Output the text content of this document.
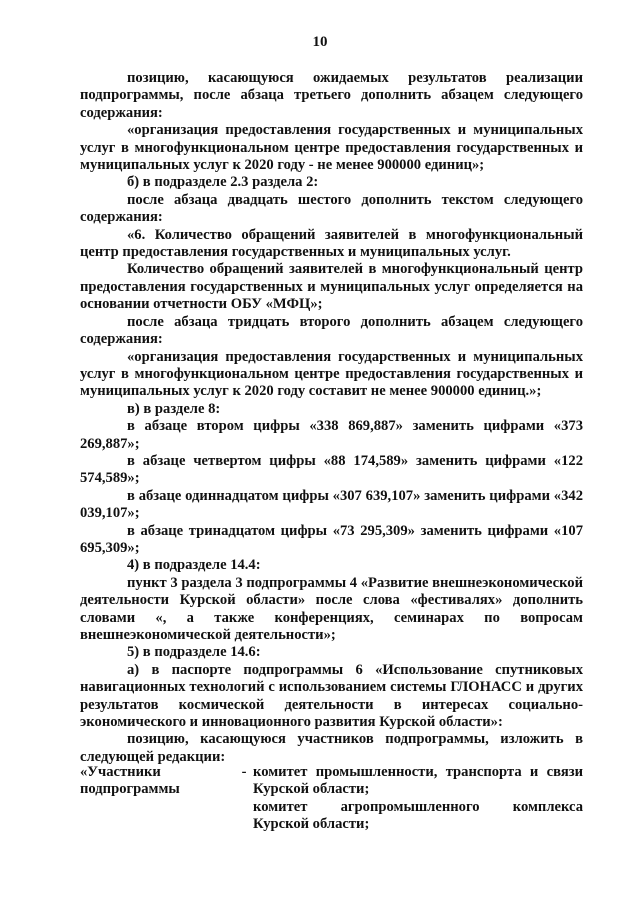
10

позицию, касающуюся ожидаемых результатов реализации подпрограммы, после абзаца третьего дополнить абзацем следующего содержания:

«организация предоставления государственных и муниципальных услуг в многофункциональном центре предоставления государственных и муниципальных услуг к 2020 году - не менее 900000 единиц»;

б) в подразделе 2.3 раздела 2:

после абзаца двадцать шестого дополнить текстом следующего содержания:

«6. Количество обращений заявителей в многофункциональный центр предоставления государственных и муниципальных услуг.

Количество обращений заявителей в многофункциональный центр предоставления государственных и муниципальных услуг определяется на основании отчетности ОБУ «МФЦ»;

после абзаца тридцать второго дополнить абзацем следующего содержания:

«организация предоставления государственных и муниципальных услуг в многофункциональном центре предоставления государственных и муниципальных услуг к 2020 году составит не менее 900000 единиц.»;

в) в разделе 8:

в абзаце втором цифры «338 869,887» заменить цифрами «373 269,887»;

в абзаце четвертом цифры «88 174,589» заменить цифрами «122 574,589»;

в абзаце одиннадцатом цифры «307 639,107» заменить цифрами «342 039,107»;

в абзаце тринадцатом цифры «73 295,309» заменить цифрами «107 695,309»;

4) в подразделе 14.4:

пункт 3 раздела 3 подпрограммы 4 «Развитие внешнеэкономической деятельности Курской области» после слова «фестивалях» дополнить словами «, а также конференциях, семинарах по вопросам внешнеэкономической деятельности»;

5) в подразделе 14.6:

а) в паспорте подпрограммы 6 «Использование спутниковых навигационных технологий с использованием системы ГЛОНАСС и других результатов космической деятельности в интересах социально-экономического и инновационного развития Курской области»:

позицию, касающуюся участников подпрограммы, изложить в следующей редакции:

«Участники подпрограммы
- комитет промышленности, транспорта и связи Курской области;

комитет агропромышленного комплекса Курской области;
